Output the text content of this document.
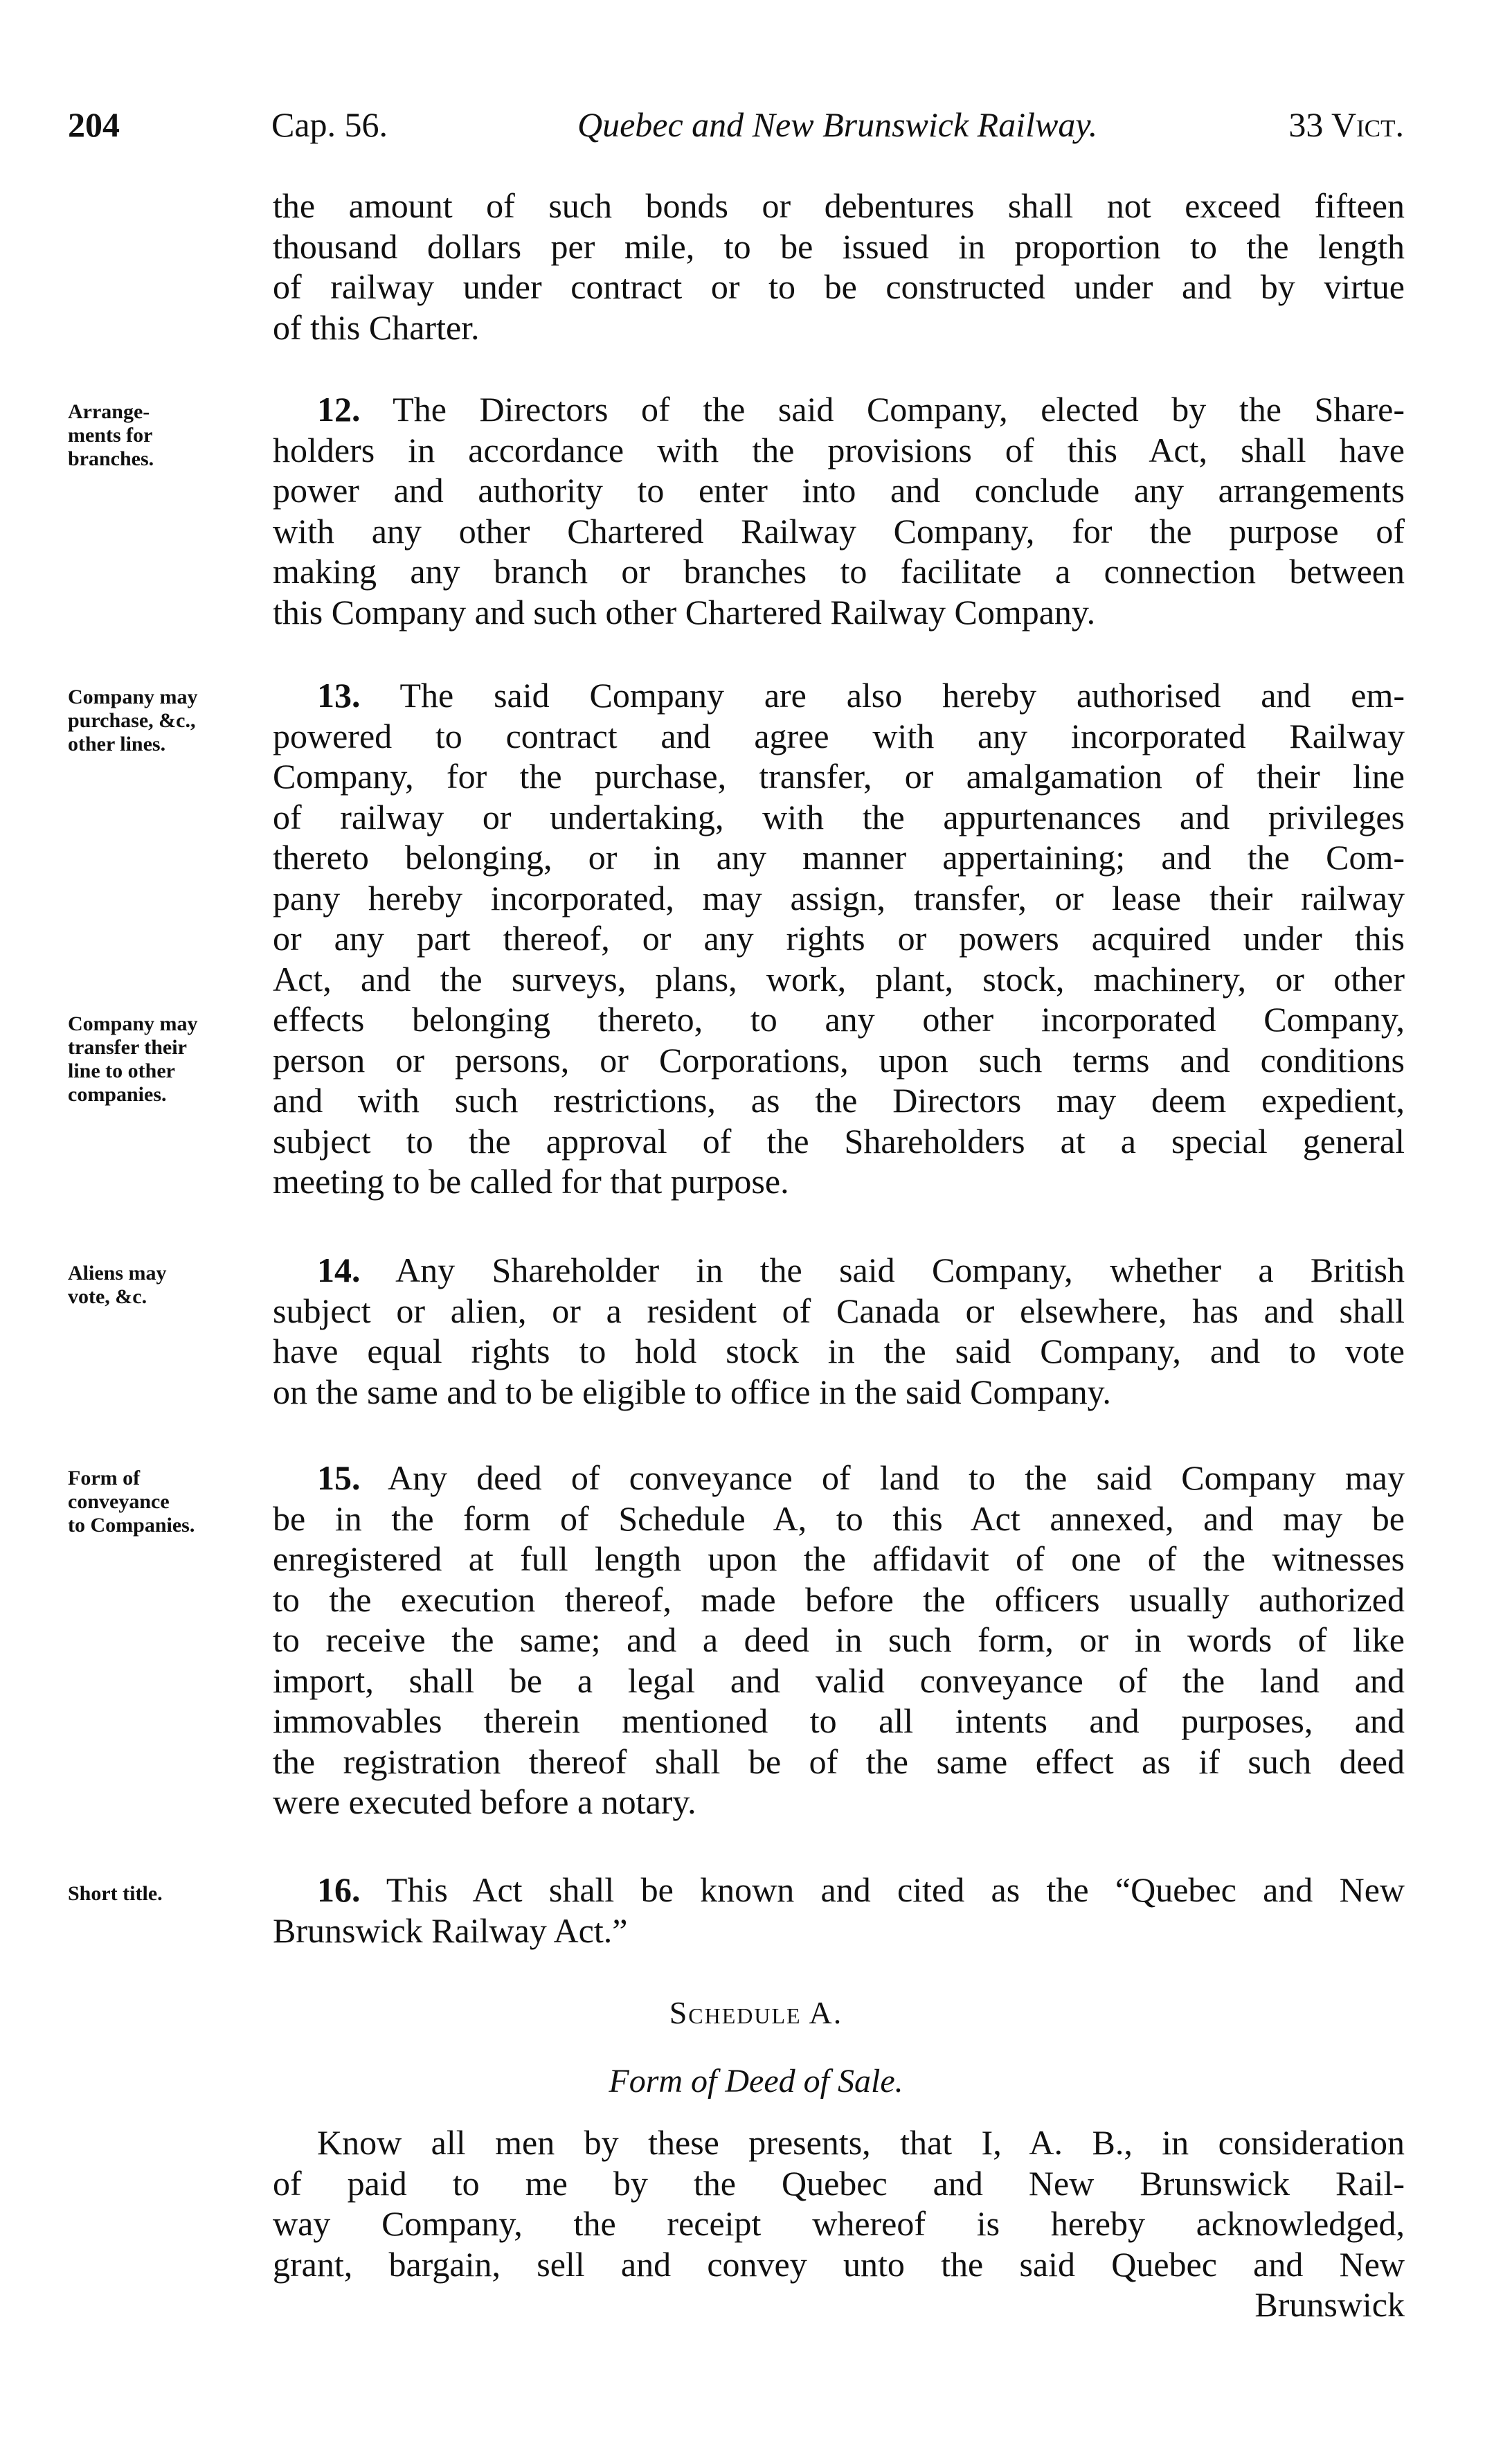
204	Cap. 56.	Quebec and New Brunswick Railway.	33 Vict.
the amount of such bonds or debentures shall not exceed fifteen
thousand dollars per mile, to be issued in proportion to the length
of railway under contract or to be constructed under and by virtue
of this Charter.
Arrange-
ments for
branches.
12. The Directors of the said Company, elected by the Share-
holders in accordance with the provisions of this Act, shall have
power and authority to enter into and conclude any arrangements
with any other Chartered Railway Company, for the purpose of
making any branch or branches to facilitate a connection between
this Company and such other Chartered Railway Company.
Company may
purchase, &c.,
other lines.
Company may
transfer their
line to other
companies.
13. The said Company are also hereby authorised and em-
powered to contract and agree with any incorporated Railway
Company, for the purchase, transfer, or amalgamation of their line
of railway or undertaking, with the appurtenances and privileges
thereto belonging, or in any manner appertaining; and the Com-
pany hereby incorporated, may assign, transfer, or lease their railway
or any part thereof, or any rights or powers acquired under this
Act, and the surveys, plans, work, plant, stock, machinery, or other
effects belonging thereto, to any other incorporated Company,
person or persons, or Corporations, upon such terms and conditions
and with such restrictions, as the Directors may deem expedient,
subject to the approval of the Shareholders at a special general
meeting to be called for that purpose.
Aliens may
vote, &c.
14. Any Shareholder in the said Company, whether a British
subject or alien, or a resident of Canada or elsewhere, has and shall
have equal rights to hold stock in the said Company, and to vote
on the same and to be eligible to office in the said Company.
Form of
conveyance
to Companies.
15. Any deed of conveyance of land to the said Company may
be in the form of Schedule A, to this Act annexed, and may be
enregistered at full length upon the affidavit of one of the witnesses
to the execution thereof, made before the officers usually authorized
to receive the same; and a deed in such form, or in words of like
import, shall be a legal and valid conveyance of the land and
immovables therein mentioned to all intents and purposes, and
the registration thereof shall be of the same effect as if such deed
were executed before a notary.
Short title.	16. This Act shall be known and cited as the “Quebec and New
Brunswick Railway Act.”
Schedule A.
Form of Deed of Sale.
Know all men by these presents, that I, A. B., in consideration
of paid to me by the Quebec and New Brunswick Rail-
way Company, the receipt whereof is hereby acknowledged,
grant, bargain, sell and convey unto the said Quebec and New
Brunswick
